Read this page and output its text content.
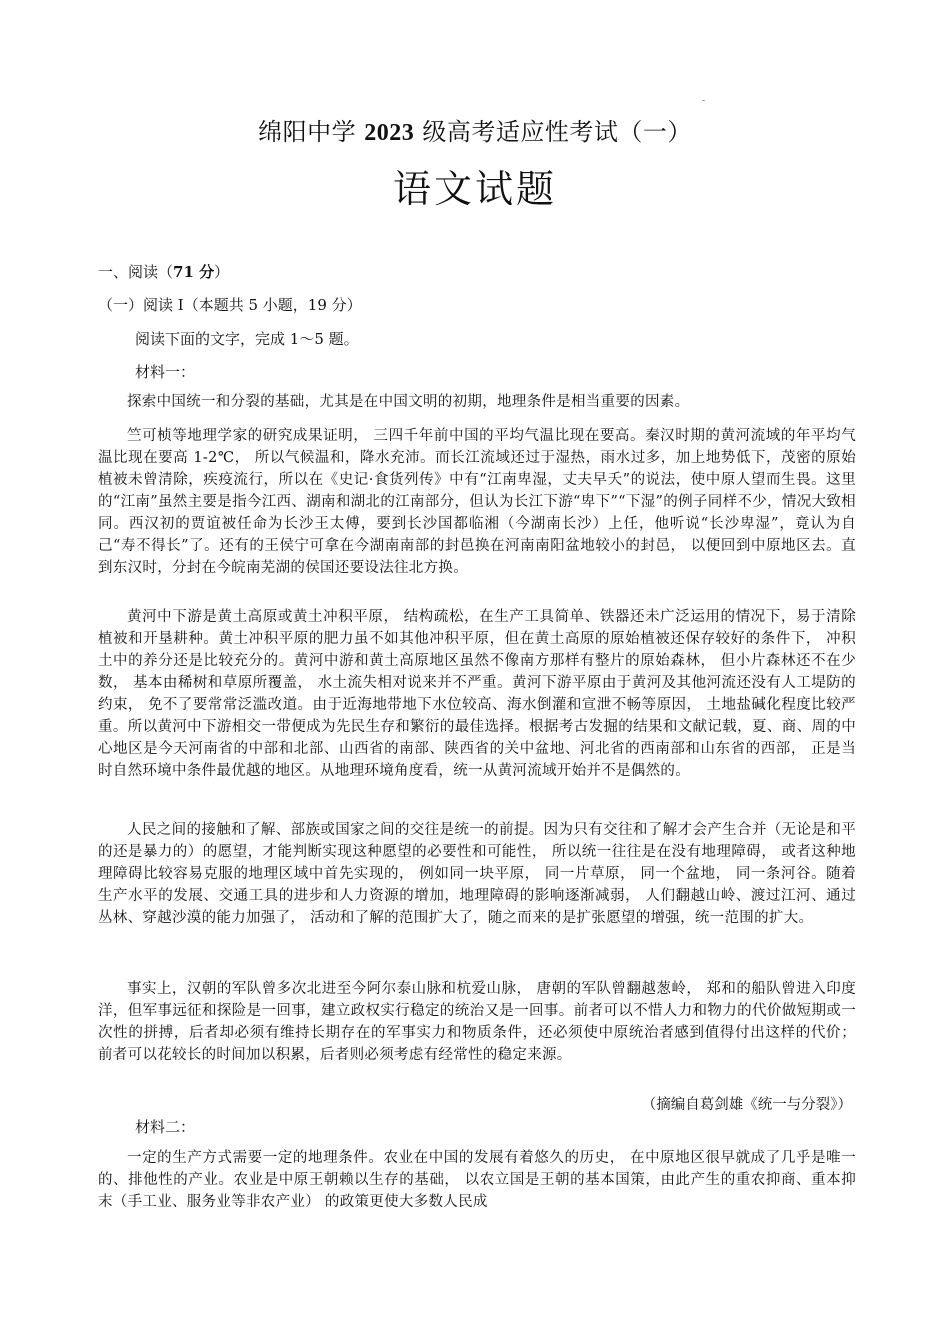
-
绵阳中学 2023 级高考适应性考试（一）
语文试题
一、阅读（71 分）
（一）阅读 Ⅰ（本题共 5 小题，19 分）
阅读下面的文字，完成 1～5 题。
材料一：
探索中国统一和分裂的基础，尤其是在中国文明的初期，地理条件是相当重要的因素。
竺可桢等地理学家的研究成果证明， 三四千年前中国的平均气温比现在要高。秦汉时期的黄河流域的年平均气温比现在要高 1-2℃， 所以气候温和，降水充沛。而长江流域还过于湿热，雨水过多，加上地势低下，茂密的原始植被未曾清除，疾疫流行，所以在《史记·食货列传》中有“江南卑湿，丈夫早夭”的说法，使中原人望而生畏。这里的“江南”虽然主要是指今江西、湖南和湖北的江南部分，但认为长江下游“卑下”“下湿”的例子同样不少，情况大致相同。西汉初的贾谊被任命为长沙王太傅，要到长沙国都临湘（今湖南长沙）上任，他听说“长沙卑湿”，竟认为自己“寿不得长”了。还有的王侯宁可拿在今湖南南部的封邑换在河南南阳盆地较小的封邑， 以便回到中原地区去。直到东汉时，分封在今皖南芜湖的侯国还要设法往北方换。
黄河中下游是黄土高原或黄土冲积平原， 结构疏松，在生产工具简单、铁器还未广泛运用的情况下，易于清除植被和开垦耕种。黄土冲积平原的肥力虽不如其他冲积平原，但在黄土高原的原始植被还保存较好的条件下， 冲积土中的养分还是比较充分的。黄河中游和黄土高原地区虽然不像南方那样有整片的原始森林， 但小片森林还不在少数， 基本由稀树和草原所覆盖， 水土流失相对说来并不严重。黄河下游平原由于黄河及其他河流还没有人工堤防的约束， 免不了要常常泛滥改道。由于近海地带地下水位较高、海水倒灌和宣泄不畅等原因， 土地盐碱化程度比较严重。所以黄河中下游相交一带便成为先民生存和繁衍的最佳选择。根据考古发掘的结果和文献记载，夏、商、周的中心地区是今天河南省的中部和北部、山西省的南部、陕西省的关中盆地、河北省的西南部和山东省的西部， 正是当时自然环境中条件最优越的地区。从地理环境角度看，统一从黄河流域开始并不是偶然的。
人民之间的接触和了解、部族或国家之间的交往是统一的前提。因为只有交往和了解才会产生合并（无论是和平的还是暴力的）的愿望，才能判断实现这种愿望的必要性和可能性， 所以统一往往是在没有地理障碍， 或者这种地理障碍比较容易克服的地理区域中首先实现的， 例如同一块平原， 同一片草原， 同一个盆地， 同一条河谷。随着生产水平的发展、交通工具的进步和人力资源的增加，地理障碍的影响逐渐减弱， 人们翻越山岭、渡过江河、通过丛林、穿越沙漠的能力加强了， 活动和了解的范围扩大了，随之而来的是扩张愿望的增强，统一范围的扩大。
事实上，汉朝的军队曾多次北进至今阿尔泰山脉和杭爱山脉， 唐朝的军队曾翻越葱岭， 郑和的船队曾进入印度洋，但军事远征和探险是一回事，建立政权实行稳定的统治又是一回事。前者可以不惜人力和物力的代价做短期或一次性的拼搏，后者却必须有维持长期存在的军事实力和物质条件，还必须使中原统治者感到值得付出这样的代价； 前者可以花较长的时间加以积累，后者则必须考虑有经常性的稳定来源。
（摘编自葛剑雄《统一与分裂》）
材料二：
一定的生产方式需要一定的地理条件。农业在中国的发展有着悠久的历史， 在中原地区很早就成了几乎是唯一的、排他性的产业。农业是中原王朝赖以生存的基础， 以农立国是王朝的基本国策，由此产生的重农抑商、重本抑末（手工业、服务业等非农产业） 的政策更使大多数人民成
